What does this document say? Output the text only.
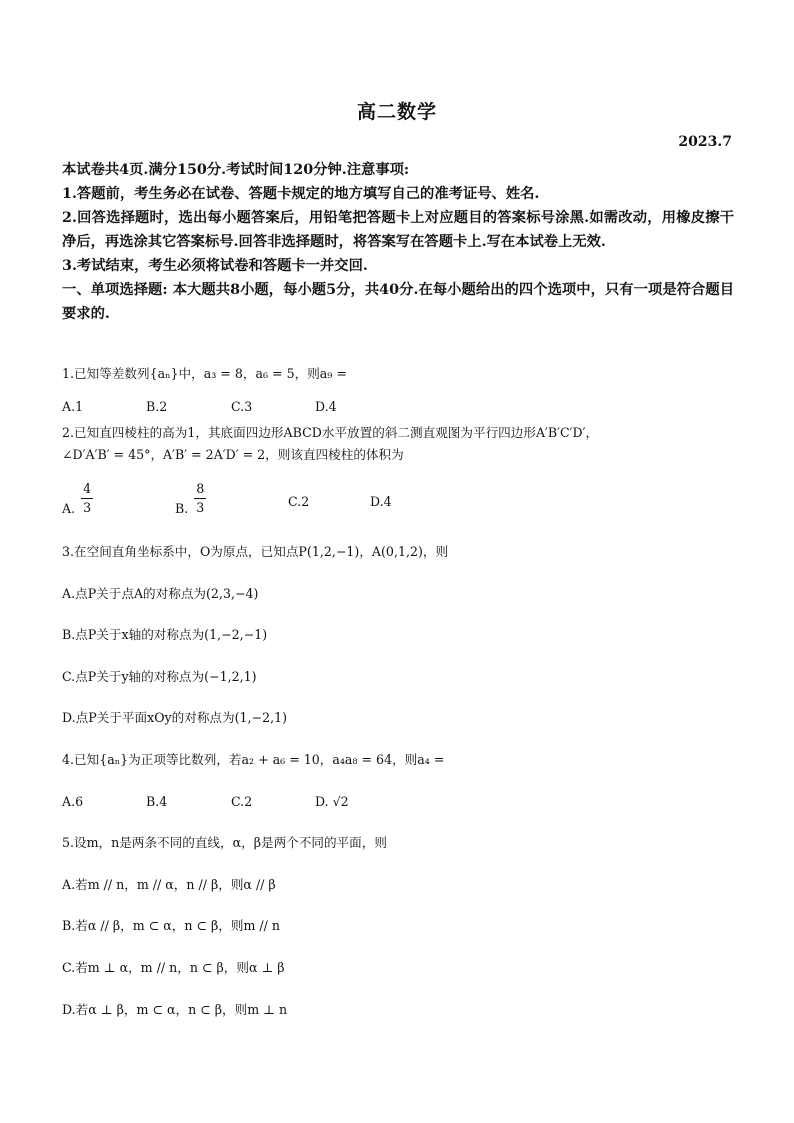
高二数学
2023.7

本试卷共4页.满分150分.考试时间120分钟.注意事项:

1.答题前，考生务必在试卷、答题卡规定的地方填写自己的准考证号、姓名.

2.回答选择题时，选出每小题答案后，用铅笔把答题卡上对应题目的答案标号涂黑.如需改动，用橡皮擦干净后，再选涂其它答案标号.回答非选择题时，将答案写在答题卡上.写在本试卷上无效.

3.考试结束，考生必须将试卷和答题卡一并交回.

一、单项选择题: 本大题共8小题，每小题5分，共40分.在每小题给出的四个选项中，只有一项是符合题目要求的.

1.已知等差数列{aₙ}中，a₃ = 8，a₆ = 5，则a₉ =

A.1	B.2	C.3	D.4

2.已知直四棱柱的高为1，其底面四边形ABCD水平放置的斜二测直观图为平行四边形A′B′C′D′，

∠D′A′B′ = 45°，A′B′ = 2A′D′ = 2，则该直四棱柱的体积为

A. $\frac{4}{3}$	B. $\frac{8}{3}$	C.2	D.4

3.在空间直角坐标系中，O为原点，已知点P(1,2,−1)，A(0,1,2)，则

A.点P关于点A的对称点为(2,3,−4)
B.点P关于x轴的对称点为(1,−2,−1)
C.点P关于y轴的对称点为(−1,2,1)
D.点P关于平面xOy的对称点为(1,−2,1)

4.已知{aₙ}为正项等比数列，若a₂ + a₆ = 10，a₄a₈ = 64，则a₄ =

A.6	B.4	C.2	D. √2

5.设m，n是两条不同的直线，α，β是两个不同的平面，则

A.若m // n，m // α，n // β，则α // β
B.若α // β，m ⊂ α，n ⊂ β，则m // n
C.若m ⊥ α，m // n，n ⊂ β，则α ⊥ β
D.若α ⊥ β，m ⊂ α，n ⊂ β，则m ⊥ n
